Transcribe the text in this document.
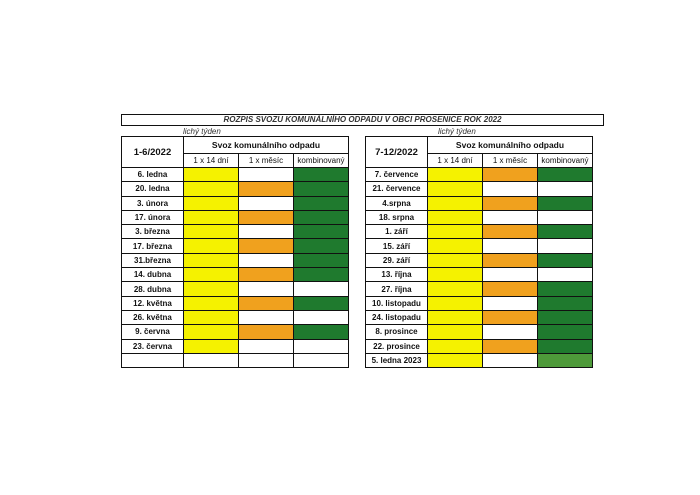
ROZPIS SVOZU KOMUNÁLNÍHO ODPADU V OBCI PROSENICE ROK 2022
lichý týden	lichý týden
1-6/2022	Svoz komunálního odpadu				7-12/2022	Svoz komunálního odpadu		
	1 x 14 dní	1 x měsíc	kombinovaný			1 x 14 dní	1 x měsíc	kombinovaný
6. ledna					7. července			
20. ledna					21. července			
3. února					4.srpna			
17. února					18. srpna			
3. března					1. září			
17. března					15. září			
31.března					29. září			
14. dubna					13. října			
28. dubna					27. října			
12. května					10. listopadu			
26. května					24. listopadu			
9. června					8. prosince			
23. června					22. prosince			
					5. ledna 2023			
